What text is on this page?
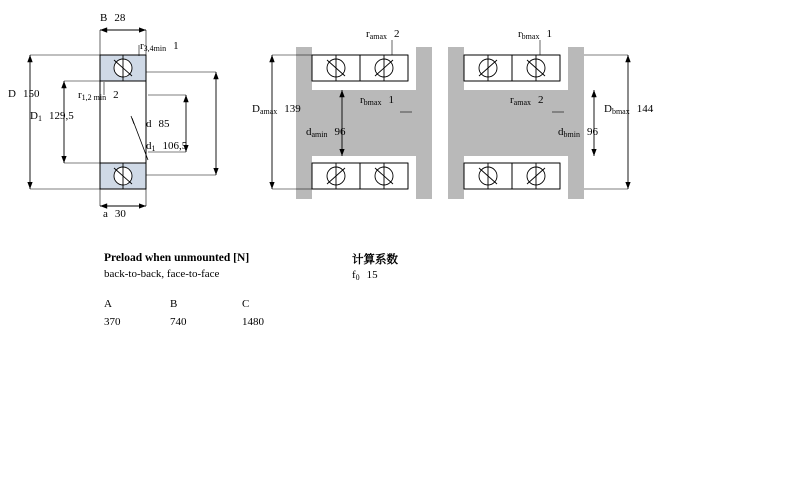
B 28
$r_{3,4min}$ 1
D 150	$r_{1,2 min}$ 2
$D_1$ 129,5
d 85
$d_1$ 106,5
a 30
$r_{amax}$ 2	$r_{bmax}$ 1
$D_{amax}$ 139
$r_{bmax}$ 1	$r_{amax}$ 2
$D_{bmax}$ 144
$d_{amin}$ 96	$d_{bmin}$ 96
Preload when unmounted [N]
back-to-back, face-to-face
A	B	C
370	740	1480
计算系数
$f_0$ 15
